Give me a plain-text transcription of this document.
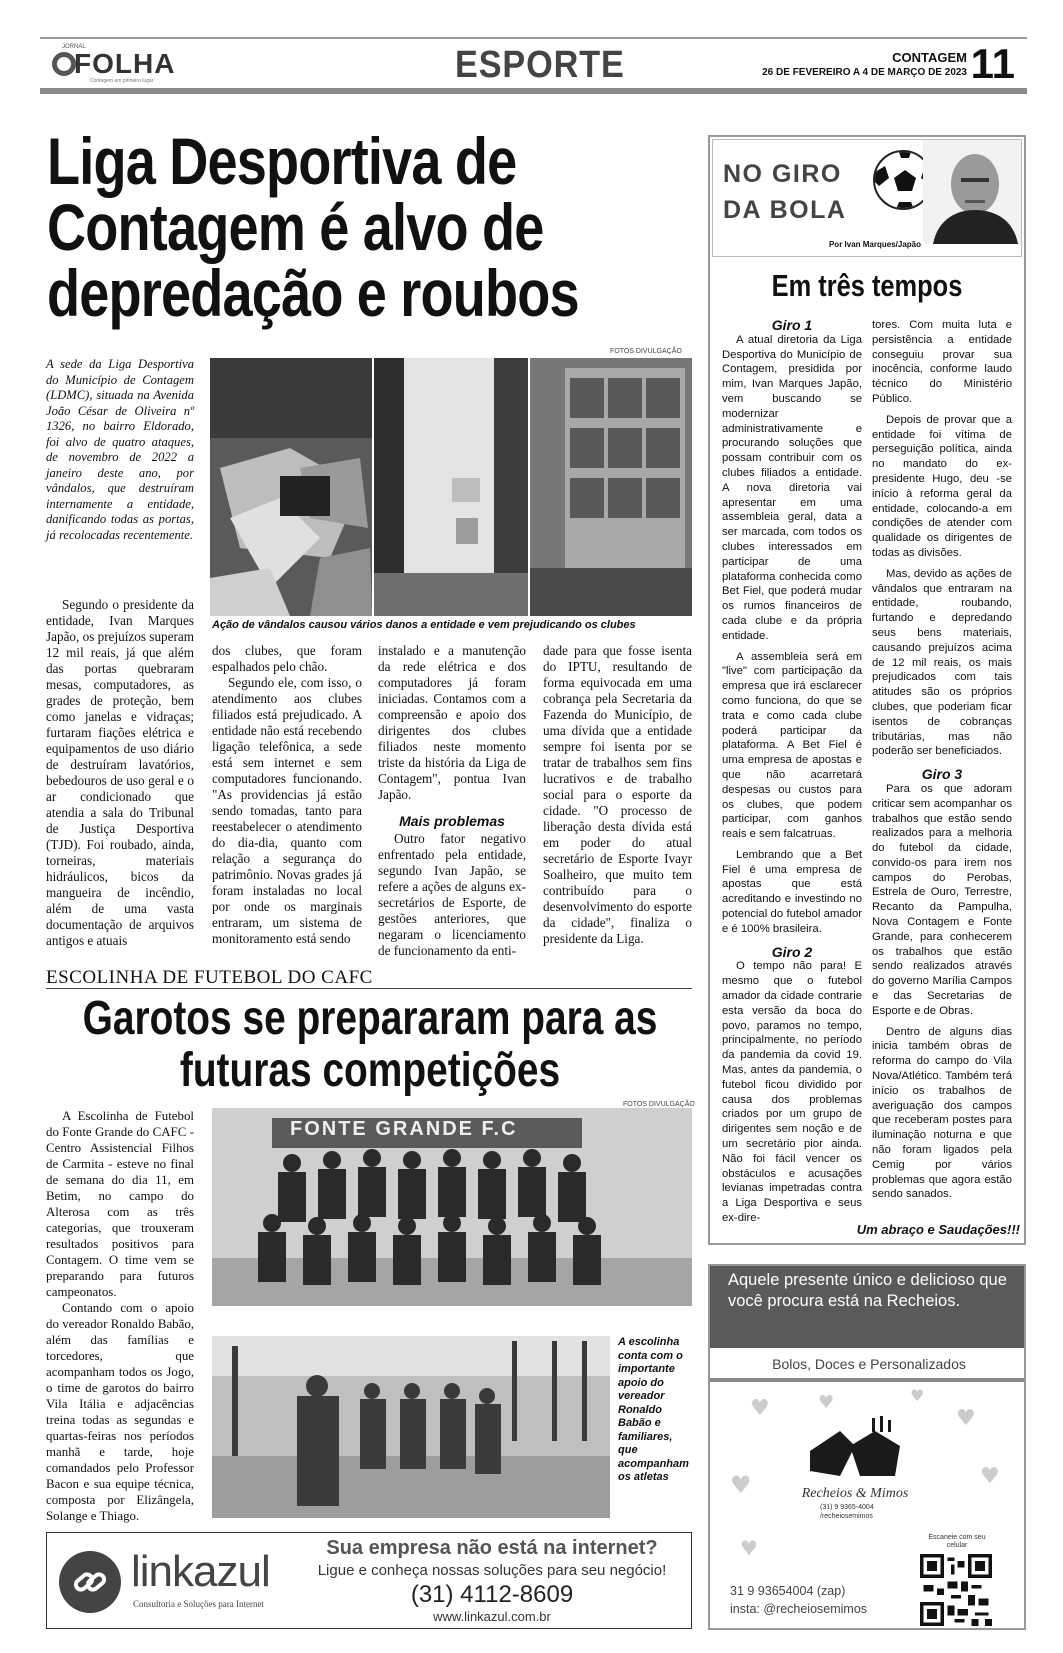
JORNAL
FOLHA
Contagem em primeiro lugar	ESPORTE	CONTAGEM
26 DE FEVEREIRO A 4 DE MARÇO DE 2023 11
Liga Desportiva de Contagem é alvo de depredação e roubos
FOTOS DIVULGAÇÃO
A sede da Liga Desportiva do Município de Contagem (LDMC), situada na Avenida João César de Oliveira nº 1326, no bairro Eldorado, foi alvo de quatro ataques, de novembro de 2022 a janeiro deste ano, por vândalos, que destruíram internamente a entidade, danificando todas as portas, já recolocadas recentemente.
Ação de vândalos causou vários danos a entidade e vem prejudicando os clubes

Segundo o presidente da entidade, Ivan Marques Japão, os prejuízos superam 12 mil reais, já que além das portas quebraram mesas, computadores, as grades de proteção, bem como janelas e vidraças; furtaram fiações elétrica e equipamentos de uso diário de destruíram lavatórios, bebedouros de uso geral e o ar condicionado que atendia a sala do Tribunal de Justiça Desportiva (TJD). Foi roubado, ainda, torneiras, materiais hidráulicos, bicos da mangueira de incêndio, além de uma vasta documentação de arquivos antigos e atuais

dos clubes, que foram espalhados pelo chão.

Segundo ele, com isso, o atendimento aos clubes filiados está prejudicado. A entidade não está recebendo ligação telefônica, a sede está sem internet e sem computadores funcionando. "As providencias já estão sendo tomadas, tanto para reestabelecer o atendimento do dia-dia, quanto com relação a segurança do patrimônio. Novas grades já foram instaladas no local por onde os marginais entraram, um sistema de monitoramento está sendo

instalado e a manutenção da rede elétrica e dos computadores já foram iniciadas. Contamos com a compreensão e apoio dos dirigentes dos clubes filiados neste momento triste da história da Liga de Contagem", pontua Ivan Japão.

Mais problemas

Outro fator negativo enfrentado pela entidade, segundo Ivan Japão, se refere a ações de alguns ex-secretários de Esporte, de gestões anteriores, que negaram o licenciamento de funcionamento da enti-

dade para que fosse isenta do IPTU, resultando de forma equivocada em uma cobrança pela Secretaria da Fazenda do Município, de uma dívida que a entidade sempre foi isenta por se tratar de trabalhos sem fins lucrativos e de trabalho social para o esporte da cidade. "O processo de liberação desta dívida está em poder do atual secretário de Esporte Ivayr Soalheiro, que muito tem contribuído para o desenvolvimento do esporte da cidade", finaliza o presidente da Liga.

ESCOLINHA DE FUTEBOL DO CAFC
Garotos se prepararam para as futuras competições
FOTOS DIVULGAÇÃO

A Escolinha de Futebol do Fonte Grande do CAFC - Centro Assistencial Filhos de Carmita - esteve no final de semana do dia 11, em Betim, no campo do Alterosa com as três categorias, que trouxeram resultados positivos para Contagem. O time vem se preparando para futuros campeonatos.

Contando com o apoio do vereador Ronaldo Babão, além das famílias e torcedores, que acompanham todos os Jogo, o time de garotos do bairro Vila Itália e adjacências treina todas as segundas e quartas-feiras nos períodos manhã e tarde, hoje comandados pelo Professor Bacon e sua equipe técnica, composta por Elizângela, Solange e Thiago.

FONTE GRANDE F.C
A escolinha conta com o importante apoio do vereador Ronaldo Babão e familiares, que acompanham os atletas
linkazul
Consultoria e Soluções para Internet
Sua empresa não está na internet?
Ligue e conheça nossas soluções para seu negócio!
(31) 4112-8609
www.linkazul.com.br
NO GIRO
DA BOLA
Por Ivan Marques/Japão
Em três tempos
Giro 1

A atual diretoria da Liga Desportiva do Município de Contagem, presidida por mim, Ivan Marques Japão, vem buscando se modernizar administrativamente e procurando soluções que possam contribuir com os clubes filiados a entidade. A nova diretoria vai apresentar em uma assembleia geral, data a ser marcada, com todos os clubes interessados em participar de uma plataforma conhecida como Bet Fiel, que poderá mudar os rumos financeiros de cada clube e da própria entidade.

A assembleia será em "live" com participação da empresa que irá esclarecer como funciona, do que se trata e como cada clube poderá participar da plataforma. A Bet Fiel é uma empresa de apostas e que não acarretará despesas ou custos para os clubes, que podem participar, com ganhos reais e sem falcatruas.

Lembrando que a Bet Fiel é uma empresa de apostas que está acreditando e investindo no potencial do futebol amador e é 100% brasileira.

Giro 2

O tempo não para! E mesmo que o futebol amador da cidade contrarie esta versão da boca do povo, paramos no tempo, principalmente, no período da pandemia da covid 19. Mas, antes da pandemia, o futebol ficou dividido por causa dos problemas criados por um grupo de dirigentes sem noção e de um secretário pior ainda. Não foi fácil vencer os obstáculos e acusações levianas impetradas contra a Liga Desportiva e seus ex-dire-

tores. Com muita luta e persistência a entidade conseguiu provar sua inocência, conforme laudo técnico do Ministério Público.

Depois de provar que a entidade foi vítima de perseguição política, ainda no mandato do ex-presidente Hugo, deu -se início à reforma geral da entidade, colocando-a em condições de atender com qualidade os dirigentes de todas as divisões.

Mas, devido as ações de vândalos que entraram na entidade, roubando, furtando e depredando seus bens materiais, causando prejuízos acima de 12 mil reais, os mais prejudicados com tais atitudes são os próprios clubes, que poderiam ficar isentos de cobranças tributárias, mas não poderão ser beneficiados.

Giro 3

Para os que adoram criticar sem acompanhar os trabalhos que estão sendo realizados para a melhoria do futebol da cidade, convido-os para irem nos campos do Perobas, Estrela de Ouro, Terrestre, Recanto da Pampulha, Nova Contagem e Fonte Grande, para conhecerem os trabalhos que estão sendo realizados através do governo Marília Campos e das Secretarias de Esporte e de Obras.

Dentro de alguns dias inicia também obras de reforma do campo do Vila Nova/Atlético. Também terá início os trabalhos de averiguação dos campos que receberam postes para iluminação noturna e que não foram ligados pela Cemig por vários problemas que agora estão sendo sanados.

Um abraço e Saudações!!!
Aquele presente único e delicioso que você procura está na Recheios.
Bolos, Doces e Personalizados
♥	♥	♥
♥
♥
♥
♥
Recheios & Mimos
(31) 9 9365-4004
/recheiosemimos
Escaneie com seu celular
31 9 93654004 (zap)
insta: @recheiosemimos
